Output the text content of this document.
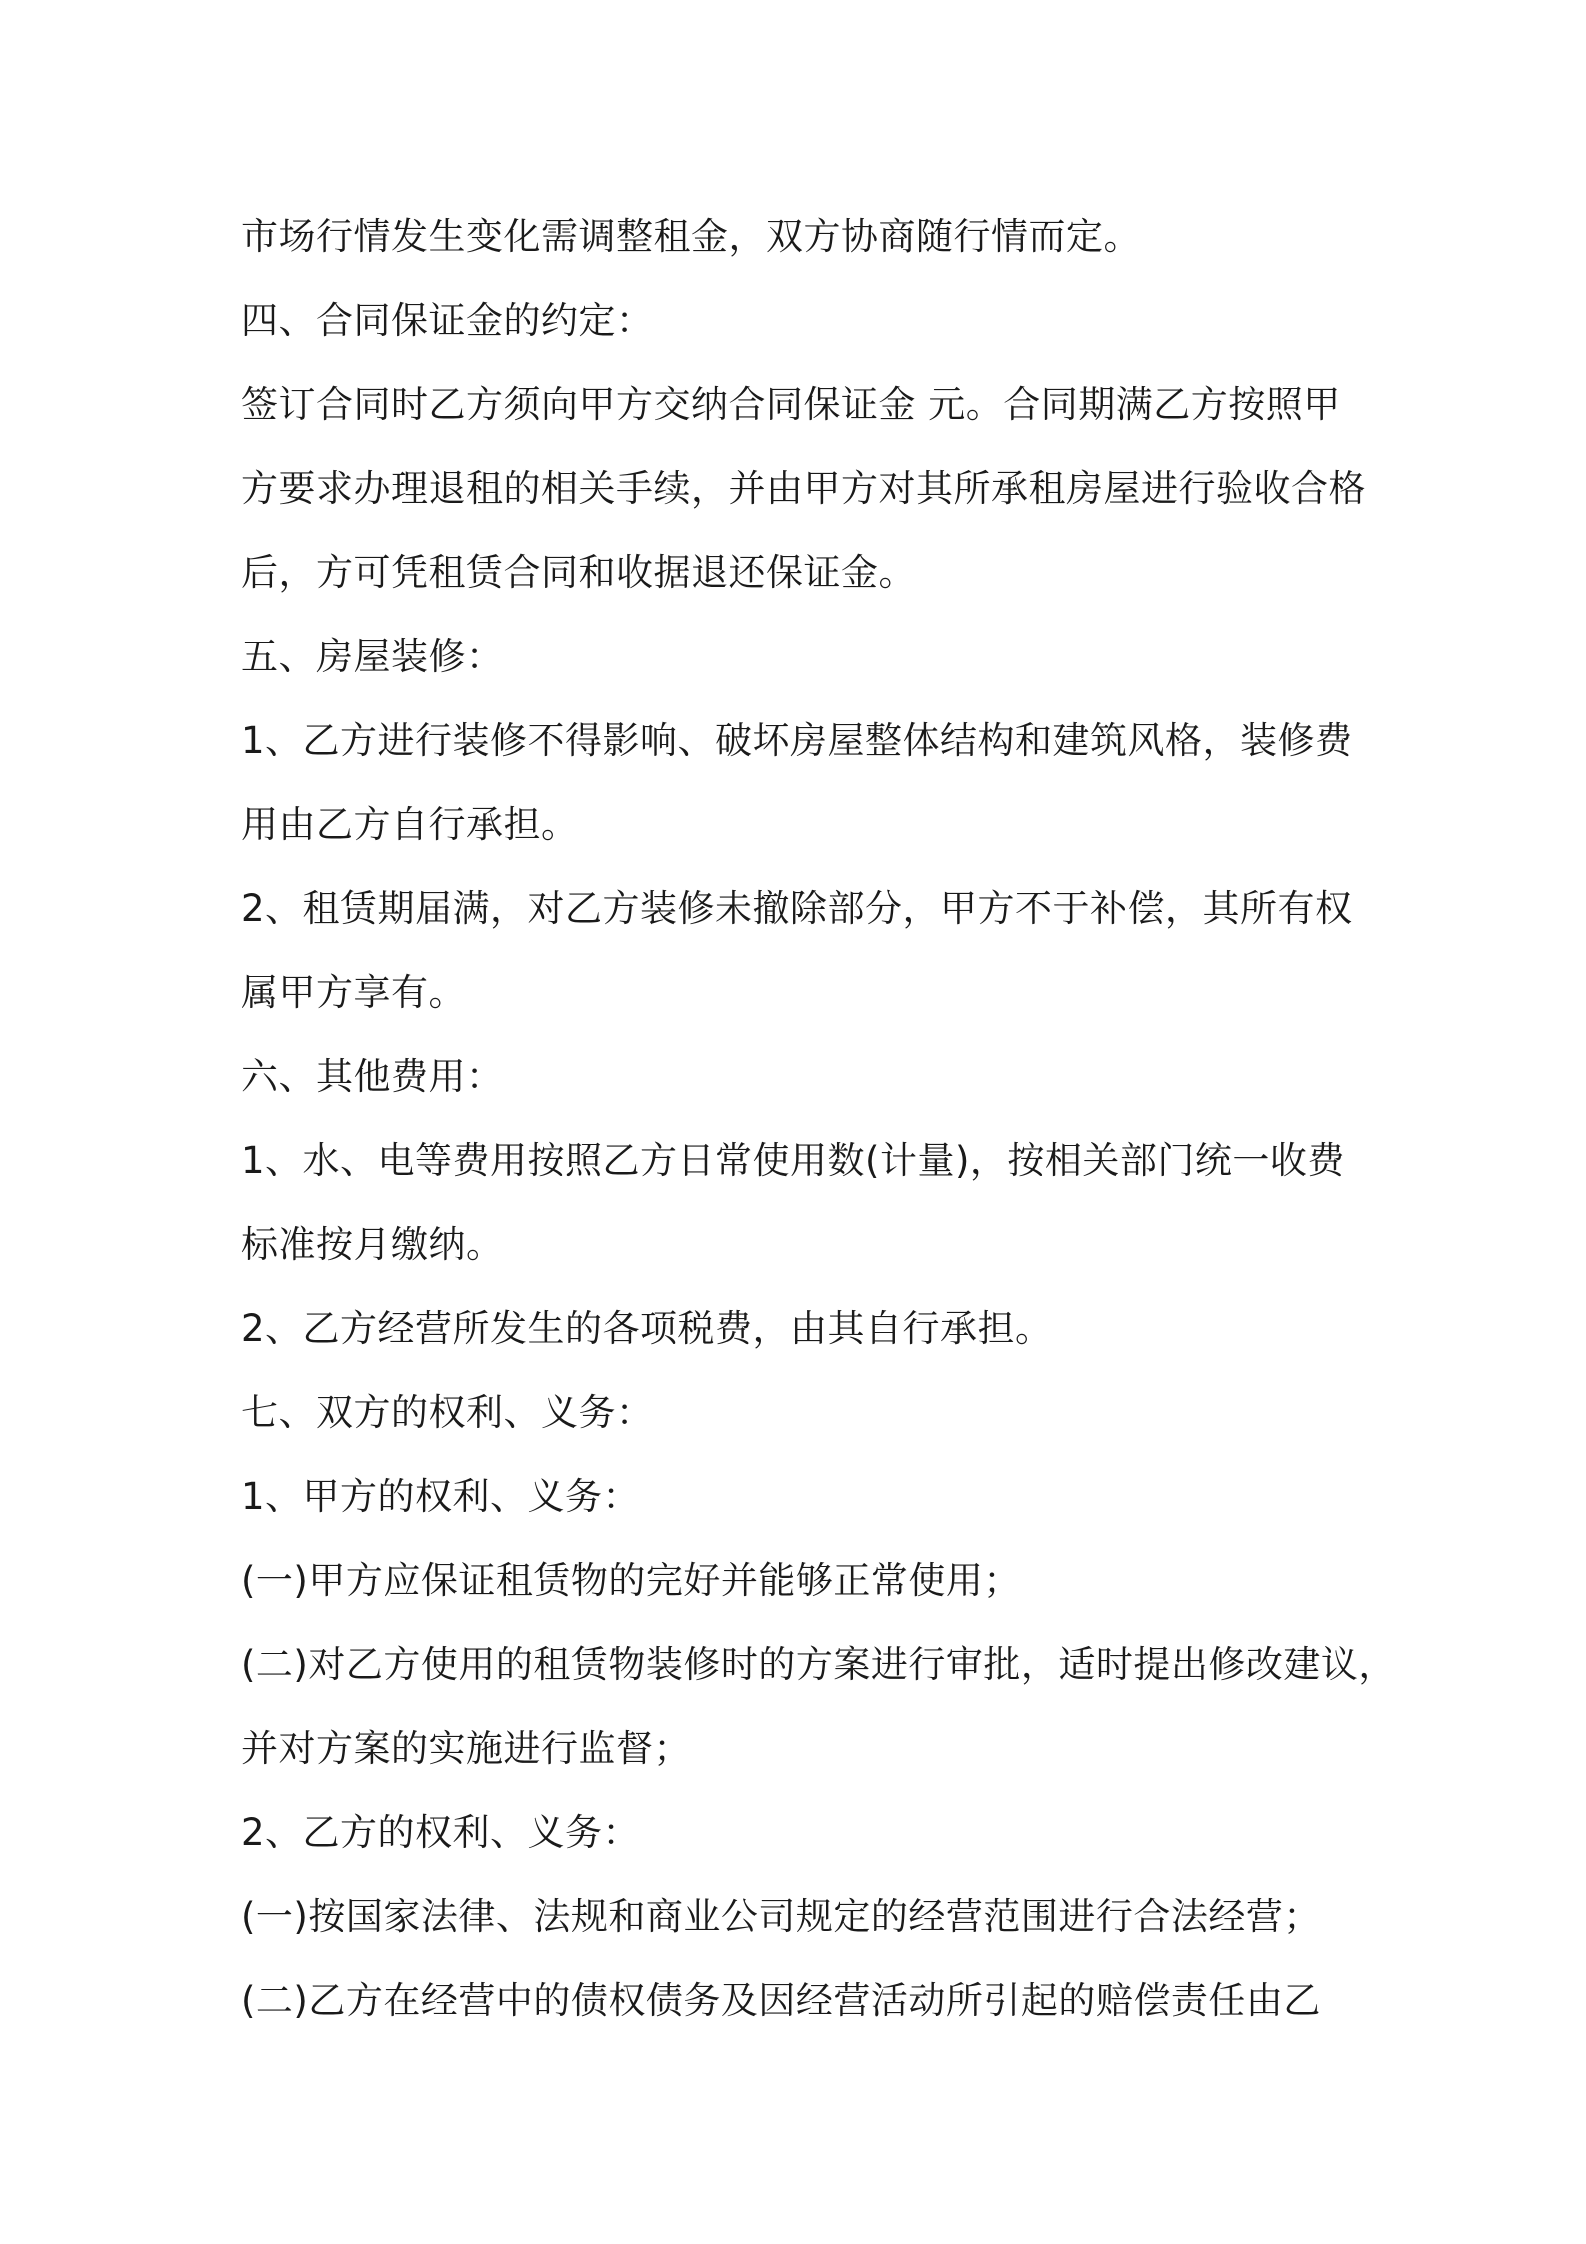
市场行情发生变化需调整租金，双方协商随行情而定。
四、合同保证金的约定：
签订合同时乙方须向甲方交纳合同保证金 元。合同期满乙方按照甲
方要求办理退租的相关手续，并由甲方对其所承租房屋进行验收合格
后，方可凭租赁合同和收据退还保证金。
五、房屋装修：
1、乙方进行装修不得影响、破坏房屋整体结构和建筑风格，装修费
用由乙方自行承担。
2、租赁期届满，对乙方装修未撤除部分，甲方不于补偿，其所有权
属甲方享有。
六、其他费用：
1、水、电等费用按照乙方日常使用数(计量)，按相关部门统一收费
标准按月缴纳。
2、乙方经营所发生的各项税费，由其自行承担。
七、双方的权利、义务：
1、甲方的权利、义务：
(一)甲方应保证租赁物的完好并能够正常使用；
(二)对乙方使用的租赁物装修时的方案进行审批，适时提出修改建议，
并对方案的实施进行监督；
2、乙方的权利、义务：
(一)按国家法律、法规和商业公司规定的经营范围进行合法经营；
(二)乙方在经营中的债权债务及因经营活动所引起的赔偿责任由乙
